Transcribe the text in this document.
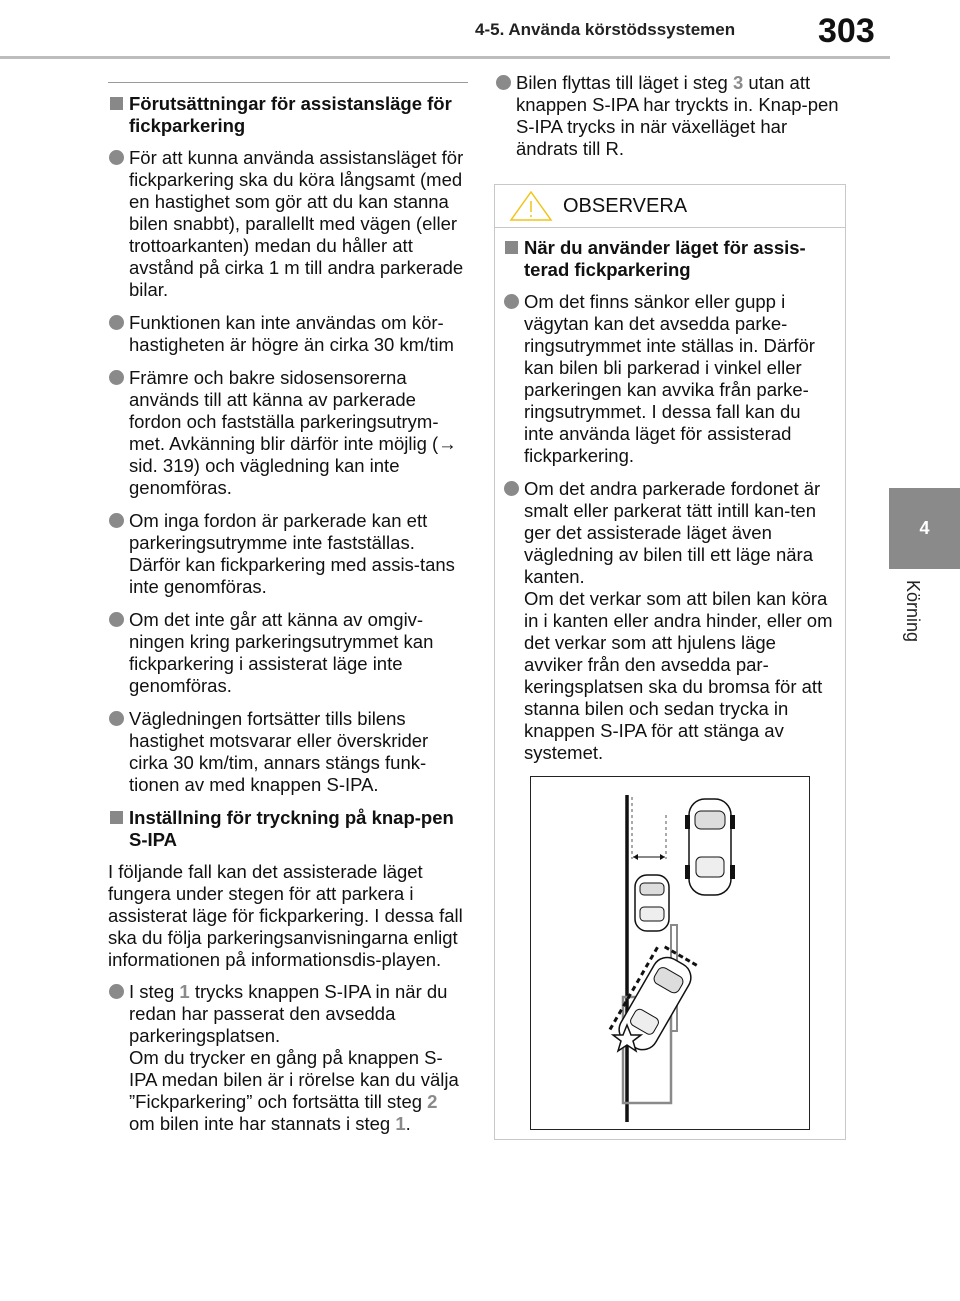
4-5. Använda körstödssystemen 303
4
Körning
Förutsättningar för assistansläge för fickparkering
För att kunna använda assistansläget för fickparkering ska du köra långsamt (med en hastighet som gör att du kan stanna bilen snabbt), parallellt med vägen (eller trottoarkanten) medan du håller att avstånd på cirka 1 m till andra parkerade bilar.
Funktionen kan inte användas om kör-hastigheten är högre än cirka 30 km/tim
Främre och bakre sidosensorerna används till att känna av parkerade fordon och fastställa parkeringsutrym-met. Avkänning blir därför inte möjlig (→ sid. 319) och vägledning kan inte genomföras.
Om inga fordon är parkerade kan ett parkeringsutrymme inte fastställas. Därför kan fickparkering med assis-tans inte genomföras.
Om det inte går att känna av omgiv-ningen kring parkeringsutrymmet kan fickparkering i assisterat läge inte genomföras.
Vägledningen fortsätter tills bilens hastighet motsvarar eller överskrider cirka 30 km/tim, annars stängs funk-tionen av med knappen S-IPA.
Inställning för tryckning på knap-pen S-IPA
I följande fall kan det assisterade läget fungera under stegen för att parkera i assisterat läge för fickparkering. I dessa fall ska du följa parkeringsanvisningarna enligt informationen på informationsdis-playen.
I steg 1 trycks knappen S-IPA in när du redan har passerat den avsedda parkeringsplatsen.
Om du trycker en gång på knappen S-IPA medan bilen är i rörelse kan du välja ”Fickparkering” och fortsätta till steg 2 om bilen inte har stannats i steg 1.
Bilen flyttas till läget i steg 3 utan att knappen S-IPA har tryckts in. Knap-pen S-IPA trycks in när växelläget har ändrats till R.
OBSERVERA
När du använder läget för assis-terad fickparkering
Om det finns sänkor eller gupp i vägytan kan det avsedda parke-ringsutrymmet inte ställas in. Därför kan bilen bli parkerad i vinkel eller parkeringen kan avvika från parke-ringsutrymmet. I dessa fall kan du inte använda läget för assisterad fickparkering.
Om det andra parkerade fordonet är smalt eller parkerat tätt intill kan-ten ger det assisterade läget även vägledning av bilen till ett läge nära kanten.
Om det verkar som att bilen kan köra in i kanten eller andra hinder, eller om det verkar som att hjulens läge avviker från den avsedda par-keringsplatsen ska du bromsa för att stanna bilen och sedan trycka in knappen S-IPA för att stänga av systemet.
